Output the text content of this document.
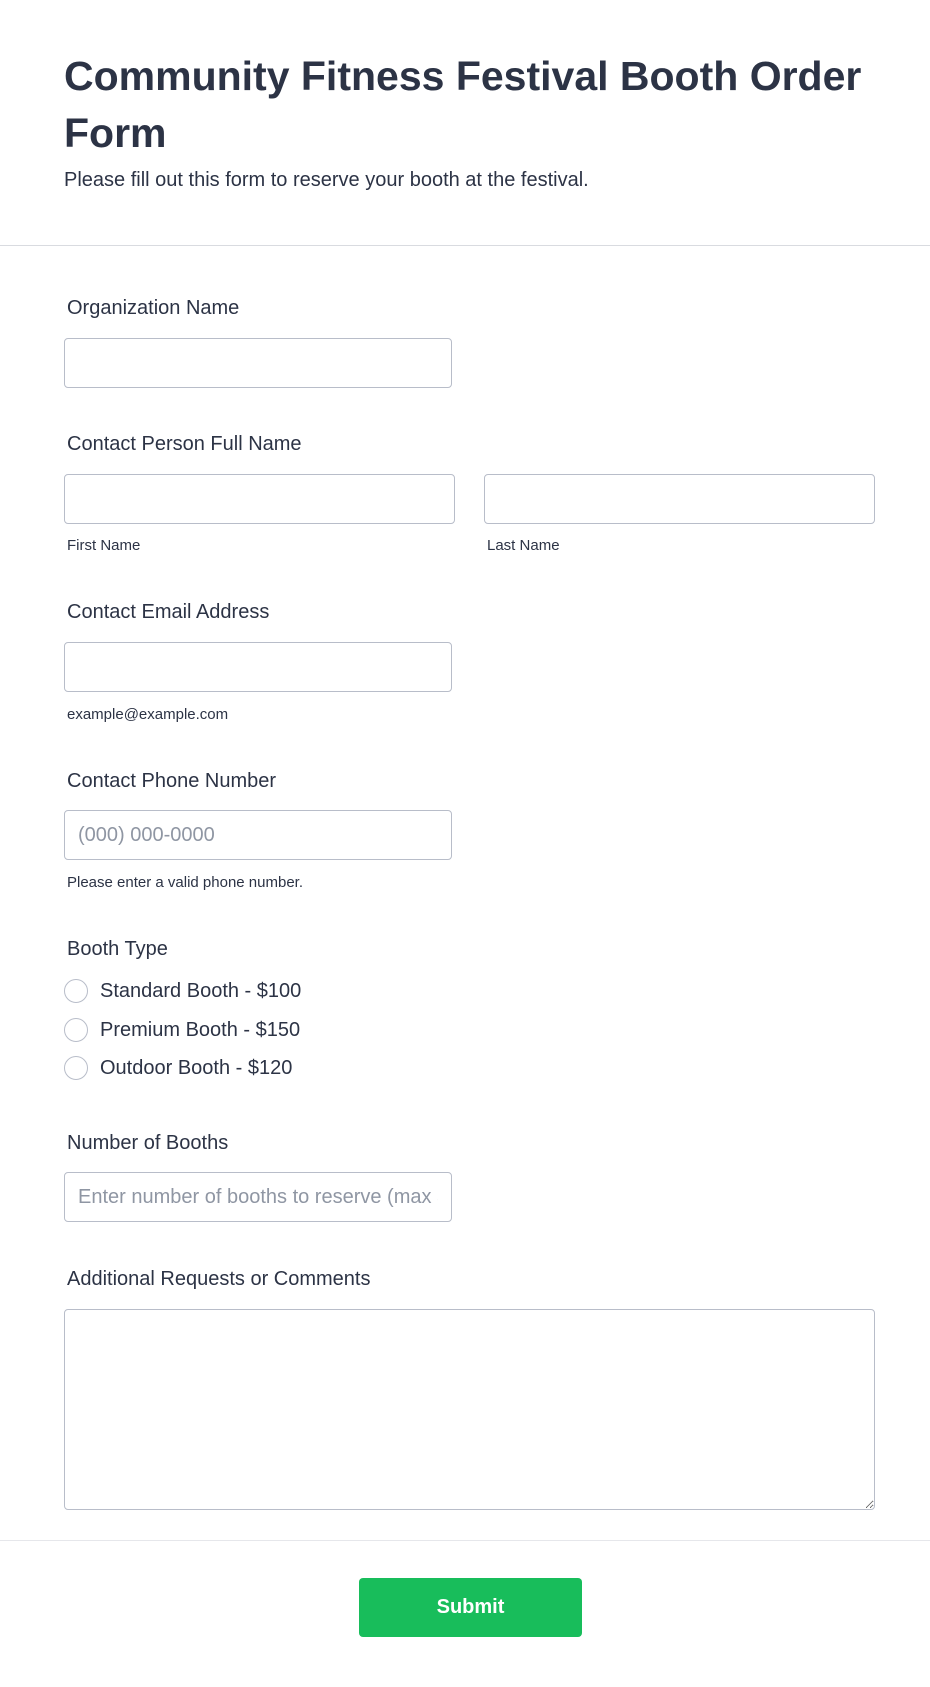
Community Fitness Festival Booth Order Form

Please fill out this form to reserve your booth at the festival.

Organization Name
Contact Person Full Name
First Name	Last Name
Contact Email Address
example@example.com
Contact Phone Number
(000) 000-0000
Please enter a valid phone number.
Booth Type
Standard Booth - $100
Premium Booth - $150
Outdoor Booth - $120
Number of Booths
Enter number of booths to reserve (max 5)
Additional Requests or Comments
Submit
